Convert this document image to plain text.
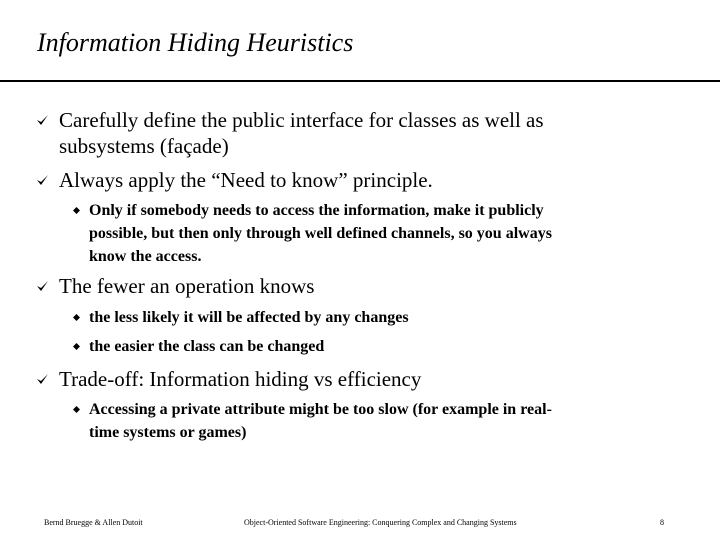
Information Hiding Heuristics
Carefully define the public interface for classes as well as
subsystems (façade)
Always apply the “Need to know” principle.
Only if somebody needs to access the information, make it publicly
possible, but then only through well defined channels, so you always
know the access.
The fewer an operation knows
the less likely it will be affected by any changes
the easier the class can be changed
Trade-off: Information hiding vs efficiency
Accessing a private attribute might be too slow (for example in real-
time systems or games)
Bernd Bruegge & Allen Dutoit	Object-Oriented Software Engineering: Conquering Complex and Changing Systems	8
